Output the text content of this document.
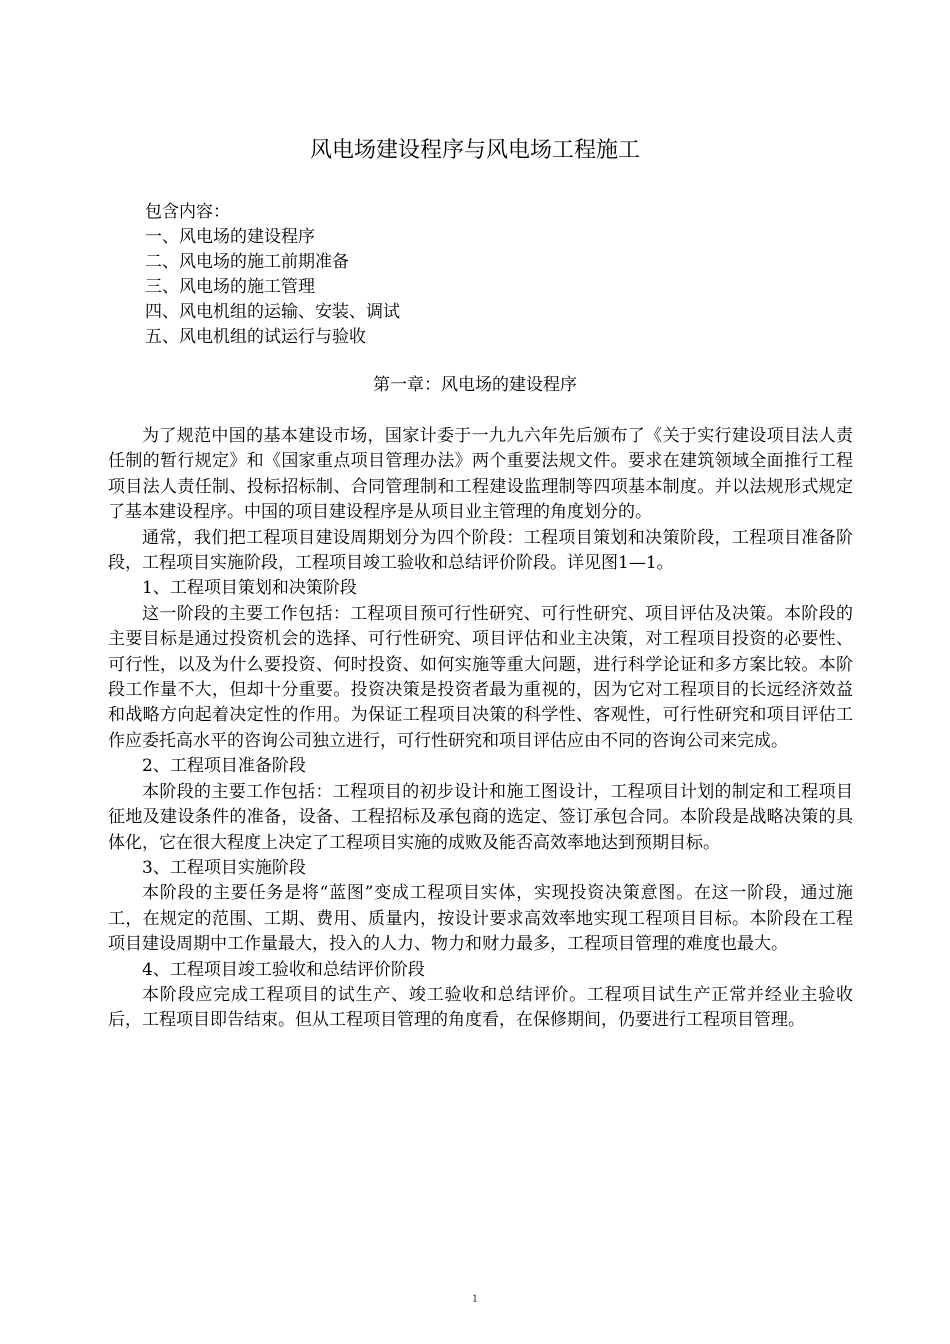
风电场建设程序与风电场工程施工
包含内容：
一、风电场的建设程序
二、风电场的施工前期准备
三、风电场的施工管理
四、风电机组的运输、安装、调试
五、风电机组的试运行与验收
第一章：风电场的建设程序

为了规范中国的基本建设市场，国家计委于一九九六年先后颁布了《关于实行建设项目法人责任制的暂行规定》和《国家重点项目管理办法》两个重要法规文件。要求在建筑领域全面推行工程项目法人责任制、投标招标制、合同管理制和工程建设监理制等四项基本制度。并以法规形式规定了基本建设程序。中国的项目建设程序是从项目业主管理的角度划分的。

通常，我们把工程项目建设周期划分为四个阶段：工程项目策划和决策阶段，工程项目准备阶段，工程项目实施阶段，工程项目竣工验收和总结评价阶段。详见图1—1。

1、工程项目策划和决策阶段

这一阶段的主要工作包括：工程项目预可行性研究、可行性研究、项目评估及决策。本阶段的主要目标是通过投资机会的选择、可行性研究、项目评估和业主决策，对工程项目投资的必要性、可行性，以及为什么要投资、何时投资、如何实施等重大问题，进行科学论证和多方案比较。本阶段工作量不大，但却十分重要。投资决策是投资者最为重视的，因为它对工程项目的长远经济效益和战略方向起着决定性的作用。为保证工程项目决策的科学性、客观性，可行性研究和项目评估工作应委托高水平的咨询公司独立进行，可行性研究和项目评估应由不同的咨询公司来完成。

2、工程项目准备阶段

本阶段的主要工作包括：工程项目的初步设计和施工图设计，工程项目计划的制定和工程项目征地及建设条件的准备，设备、工程招标及承包商的选定、签订承包合同。本阶段是战略决策的具体化，它在很大程度上决定了工程项目实施的成败及能否高效率地达到预期目标。

3、工程项目实施阶段

本阶段的主要任务是将“蓝图”变成工程项目实体，实现投资决策意图。在这一阶段，通过施工，在规定的范围、工期、费用、质量内，按设计要求高效率地实现工程项目目标。本阶段在工程项目建设周期中工作量最大，投入的人力、物力和财力最多，工程项目管理的难度也最大。

4、工程项目竣工验收和总结评价阶段

本阶段应完成工程项目的试生产、竣工验收和总结评价。工程项目试生产正常并经业主验收后，工程项目即告结束。但从工程项目管理的角度看，在保修期间，仍要进行工程项目管理。

1
